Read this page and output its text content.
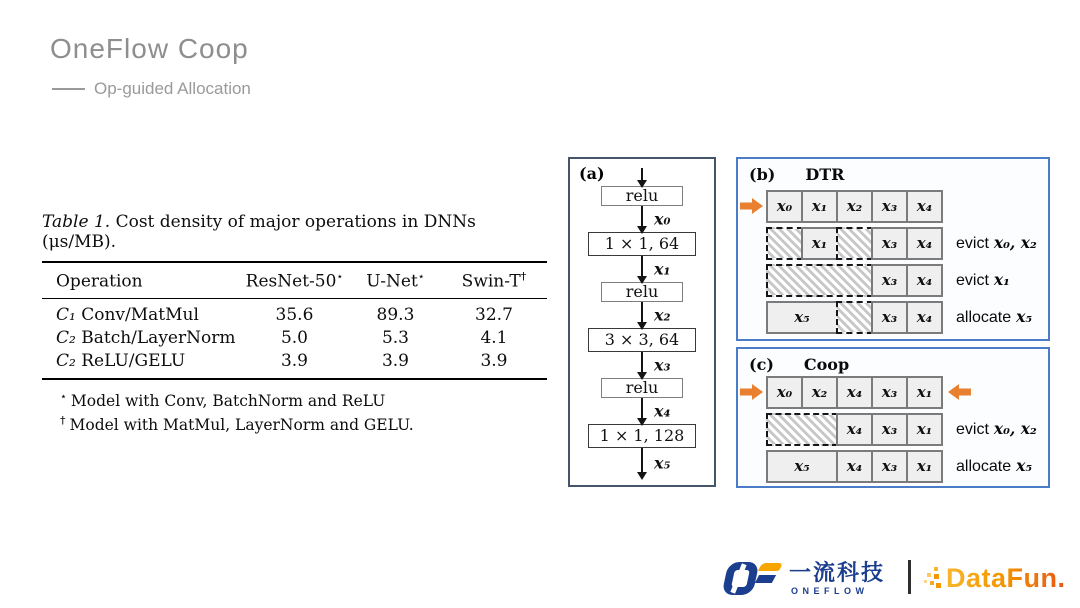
OneFlow Coop
Op-guided Allocation
Table 1. Cost density of major operations in DNNs (μs/MB).
Operation	ResNet-50⋆	U-Net⋆	Swin-T†
C₁ Conv/MatMul	35.6	89.3	32.7
C₂ Batch/LayerNorm	5.0	5.3	4.1
C₂ ReLU/GELU	3.9	3.9	3.9
⋆ Model with Conv, BatchNorm and ReLU
† Model with MatMul, LayerNorm and GELU.
(a)
relu
x₀
1 × 1, 64
x₁
relu
x₂
3 × 3, 64
x₃
relu
x₄
1 × 1, 128
x₅
(b) DTR
x₀	x₁	x₂	x₃	x₄
x₁	x₃	x₄	evict x₀, x₂
x₃	x₄	evict x₁
x₅	x₃	x₄	allocate x₅
(c) Coop
x₀	x₂	x₄	x₃	x₁
x₄	x₃	x₁	evict x₀, x₂
x₅	x₄	x₃	x₁	allocate x₅
一流科技
ONEFLOW	DataFun.
